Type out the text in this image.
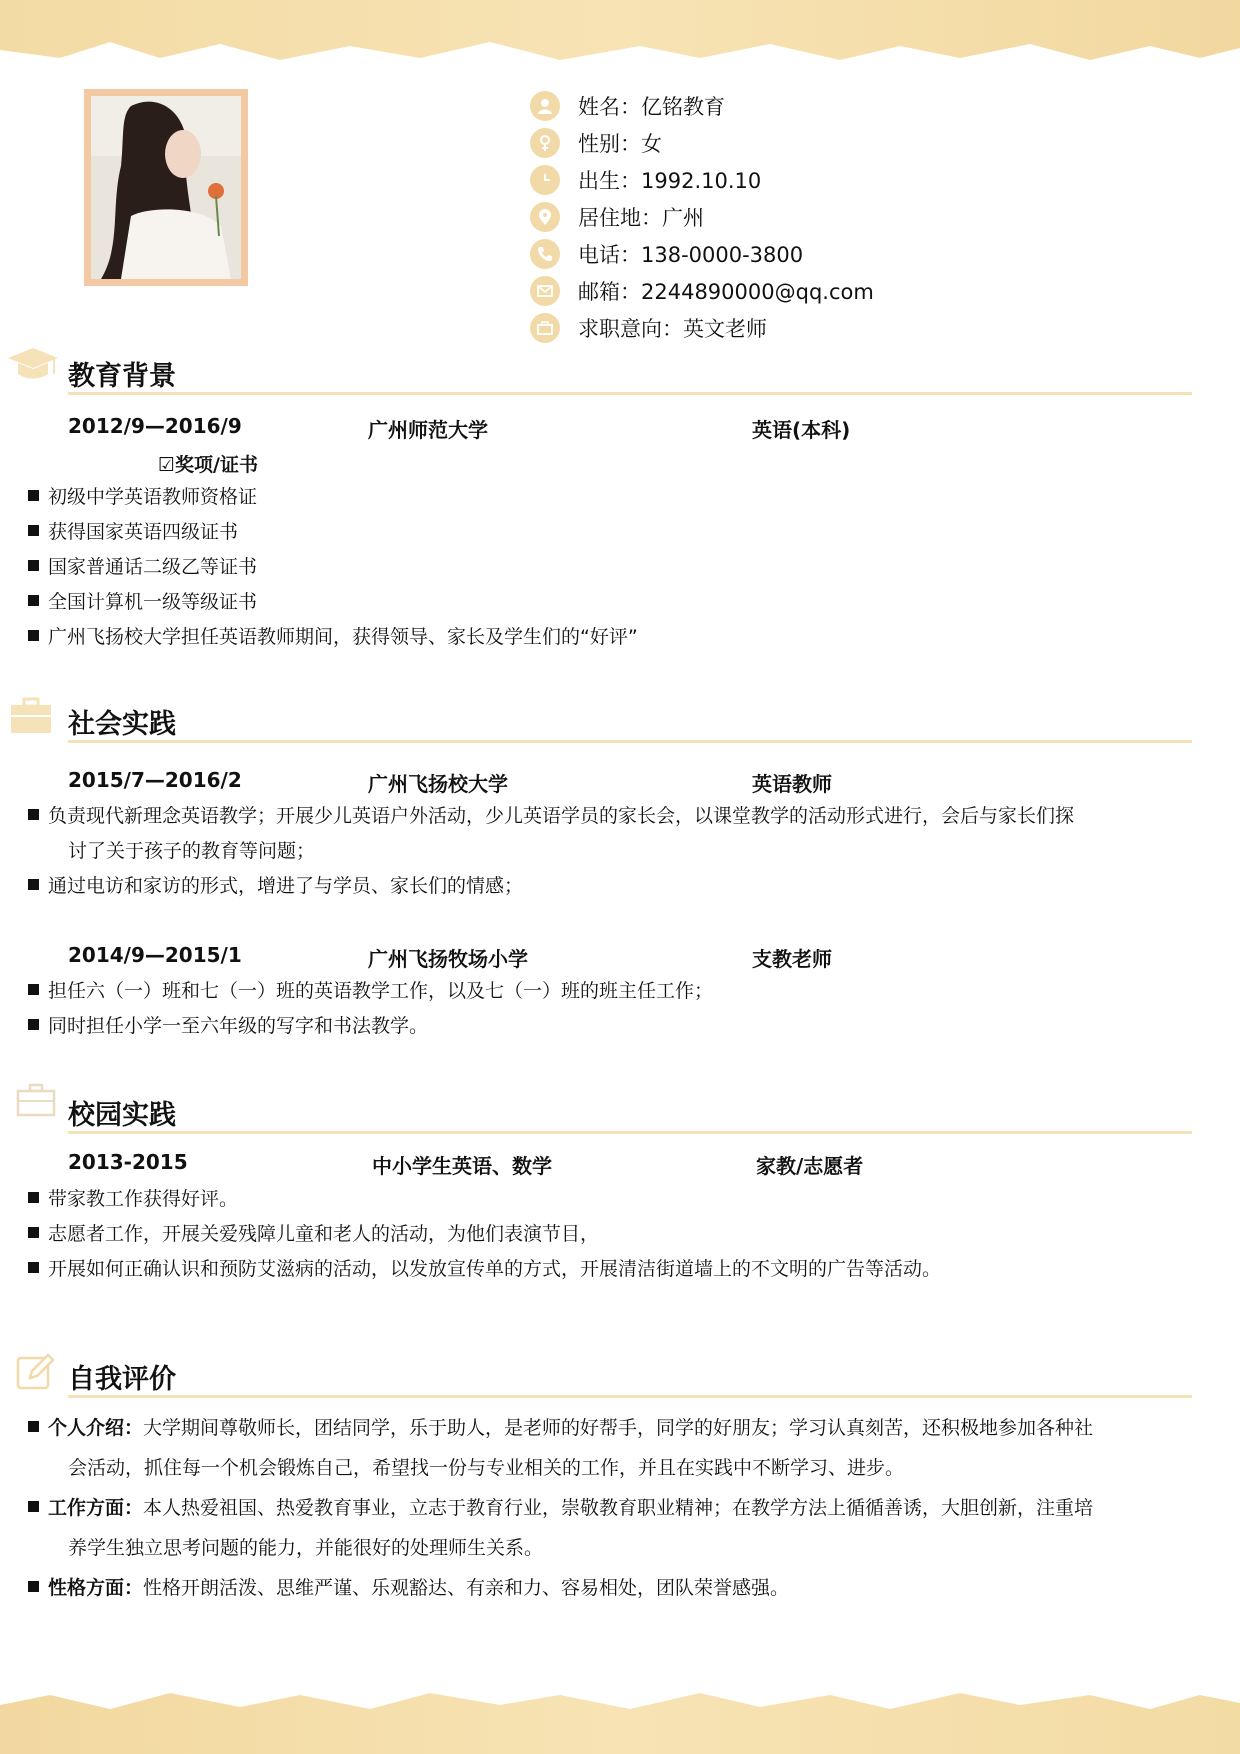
姓名：亿铭教育
性别：女
出生：1992.10.10
居住地：广州
电话：138-0000-3800
邮箱：2244890000@qq.com
求职意向：英文老师
教育背景
2012/9—2016/9	广州师范大学	英语(本科)
☑奖项/证书
初级中学英语教师资格证
获得国家英语四级证书
国家普通话二级乙等证书
全国计算机一级等级证书
广州飞扬校大学担任英语教师期间，获得领导、家长及学生们的“好评”
社会实践
2015/7—2016/2	广州飞扬校大学	英语教师
负责现代新理念英语教学；开展少儿英语户外活动，少儿英语学员的家长会，以课堂教学的活动形式进行，会后与家长们探
讨了关于孩子的教育等问题；
通过电访和家访的形式，增进了与学员、家长们的情感；
2014/9—2015/1	广州飞扬牧场小学	支教老师
担任六（一）班和七（一）班的英语教学工作，以及七（一）班的班主任工作；
同时担任小学一至六年级的写字和书法教学。
校园实践
2013-2015	中小学生英语、数学	家教/志愿者
带家教工作获得好评。
志愿者工作，开展关爱残障儿童和老人的活动，为他们表演节目，
开展如何正确认识和预防艾滋病的活动，以发放宣传单的方式，开展清洁街道墙上的不文明的广告等活动。
自我评价
个人介绍：大学期间尊敬师长，团结同学，乐于助人，是老师的好帮手，同学的好朋友；学习认真刻苦，还积极地参加各种社
会活动，抓住每一个机会锻炼自己，希望找一份与专业相关的工作，并且在实践中不断学习、进步。
工作方面：本人热爱祖国、热爱教育事业，立志于教育行业，崇敬教育职业精神；在教学方法上循循善诱，大胆创新，注重培
养学生独立思考问题的能力，并能很好的处理师生关系。
性格方面：性格开朗活泼、思维严谨、乐观豁达、有亲和力、容易相处，团队荣誉感强。
